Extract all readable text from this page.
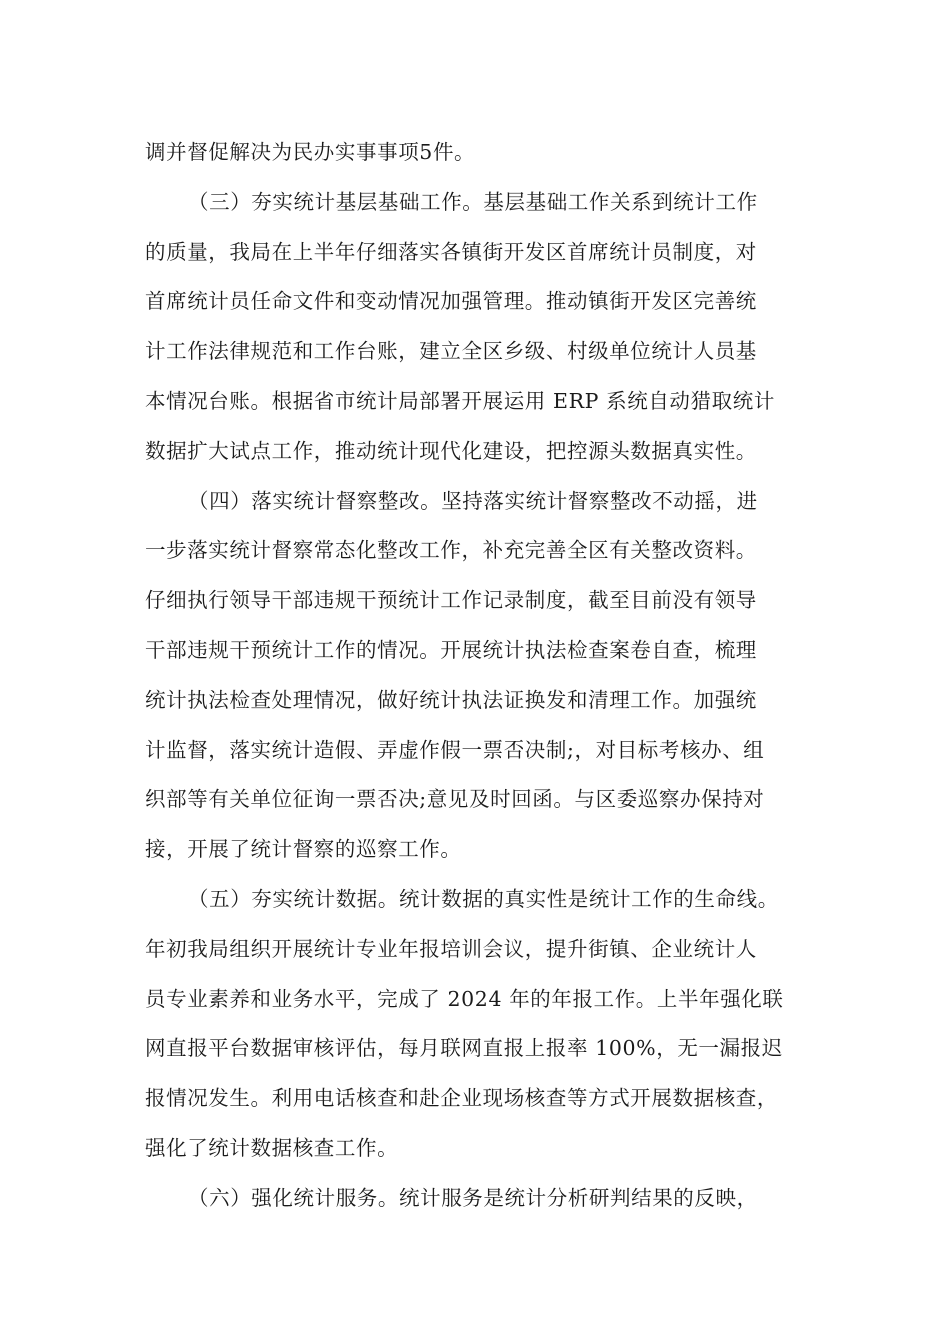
调并督促解决为民办实事事项5件。
（三）夯实统计基层基础工作。基层基础工作关系到统计工作
的质量，我局在上半年仔细落实各镇街开发区首席统计员制度，对
首席统计员任命文件和变动情况加强管理。推动镇街开发区完善统
计工作法律规范和工作台账，建立全区乡级、村级单位统计人员基
本情况台账。根据省市统计局部署开展运用 ERP 系统自动猎取统计
数据扩大试点工作，推动统计现代化建设，把控源头数据真实性。
（四）落实统计督察整改。坚持落实统计督察整改不动摇，进
一步落实统计督察常态化整改工作，补充完善全区有关整改资料。
仔细执行领导干部违规干预统计工作记录制度，截至目前没有领导
干部违规干预统计工作的情况。开展统计执法检查案卷自查，梳理
统计执法检查处理情况，做好统计执法证换发和清理工作。加强统
计监督，落实统计造假、弄虚作假一票否决制;，对目标考核办、组
织部等有关单位征询一票否决;意见及时回函。与区委巡察办保持对
接，开展了统计督察的巡察工作。
（五）夯实统计数据。统计数据的真实性是统计工作的生命线。
年初我局组织开展统计专业年报培训会议，提升街镇、企业统计人
员专业素养和业务水平，完成了 2024 年的年报工作。上半年强化联
网直报平台数据审核评估，每月联网直报上报率 100%，无一漏报迟
报情况发生。利用电话核查和赴企业现场核查等方式开展数据核查，
强化了统计数据核查工作。
（六）强化统计服务。统计服务是统计分析研判结果的反映，
